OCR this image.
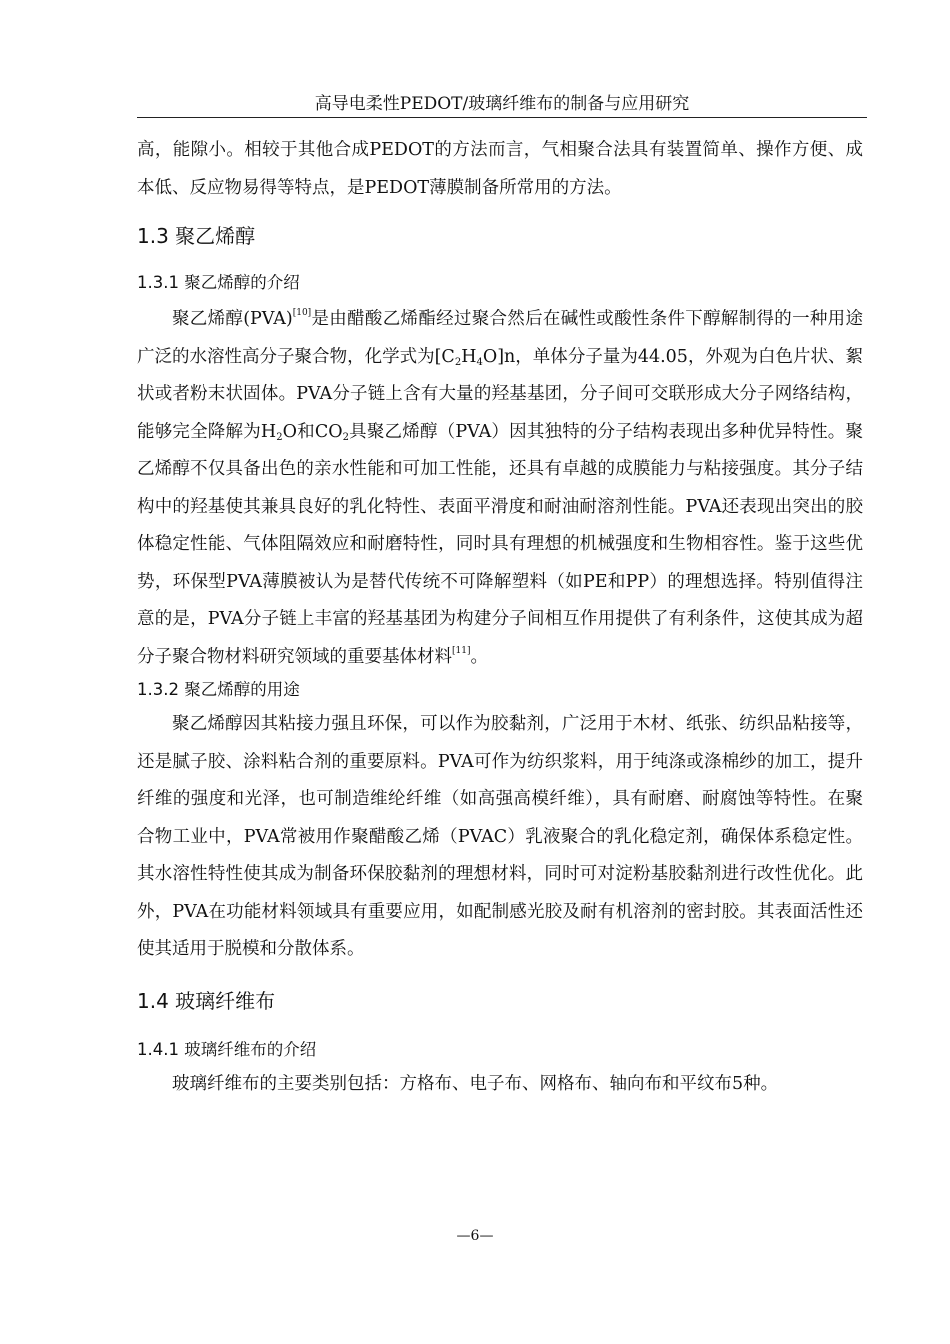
高导电柔性PEDOT/玻璃纤维布的制备与应用研究

高，能隙小。相较于其他合成PEDOT的方法而言，气相聚合法具有装置简单、操作方便、成本低、反应物易得等特点，是PEDOT薄膜制备所常用的方法。

1.3 聚乙烯醇
1.3.1 聚乙烯醇的介绍

聚乙烯醇(PVA)[10]是由醋酸乙烯酯经过聚合然后在碱性或酸性条件下醇解制得的一种用途广泛的水溶性高分子聚合物，化学式为$[C_2H_4O]n$，单体分子量为44.05，外观为白色片状、絮状或者粉末状固体。PVA分子链上含有大量的羟基基团，分子间可交联形成大分子网络结构，能够完全降解为$H_2O$和$CO_2$具聚乙烯醇（PVA）因其独特的分子结构表现出多种优异特性。聚乙烯醇不仅具备出色的亲水性能和可加工性能，还具有卓越的成膜能力与粘接强度。其分子结构中的羟基使其兼具良好的乳化特性、表面平滑度和耐油耐溶剂性能。PVA还表现出突出的胶体稳定性能、气体阻隔效应和耐磨特性，同时具有理想的机械强度和生物相容性。鉴于这些优势，环保型PVA薄膜被认为是替代传统不可降解塑料（如PE和PP）的理想选择。特别值得注意的是，PVA分子链上丰富的羟基基团为构建分子间相互作用提供了有利条件，这使其成为超分子聚合物材料研究领域的重要基体材料[11]。

1.3.2 聚乙烯醇的用途

聚乙烯醇因其粘接力强且环保，可以作为胶黏剂，广泛用于木材、纸张、纺织品粘接等，还是腻子胶、涂料粘合剂的重要原料。PVA可作为纺织浆料，用于纯涤或涤棉纱的加工，提升纤维的强度和光泽，也可制造维纶纤维（如高强高模纤维），具有耐磨、耐腐蚀等特性。在聚合物工业中，PVA常被用作聚醋酸乙烯（PVAC）乳液聚合的乳化稳定剂，确保体系稳定性。其水溶性特性使其成为制备环保胶黏剂的理想材料，同时可对淀粉基胶黏剂进行改性优化。此外，PVA在功能材料领域具有重要应用，如配制感光胶及耐有机溶剂的密封胶。其表面活性还使其适用于脱模和分散体系。

1.4 玻璃纤维布
1.4.1 玻璃纤维布的介绍

玻璃纤维布的主要类别包括：方格布、电子布、网格布、轴向布和平纹布5种。

—6—
